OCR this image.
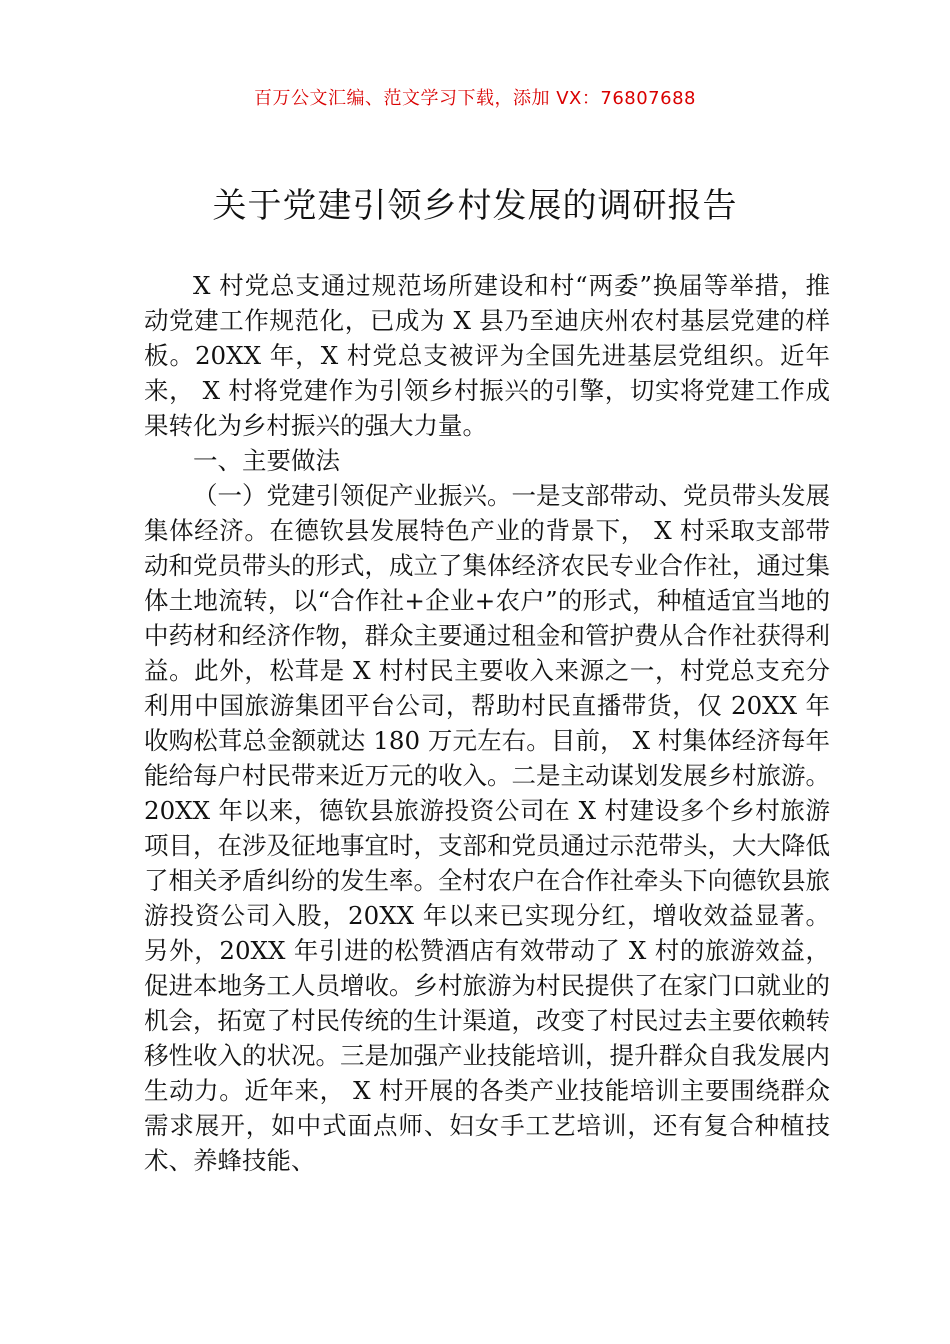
百万公文汇编、范文学习下载，添加 VX：76807688
关于党建引领乡村发展的调研报告

X 村党总支通过规范场所建设和村“两委”换届等举措，推动党建工作规范化，已成为 X 县乃至迪庆州农村基层党建的样板。20XX 年，X 村党总支被评为全国先进基层党组织。近年来， X 村将党建作为引领乡村振兴的引擎，切实将党建工作成果转化为乡村振兴的强大力量。

一、主要做法

（一）党建引领促产业振兴。一是支部带动、党员带头发展集体经济。在德钦县发展特色产业的背景下， X 村采取支部带动和党员带头的形式，成立了集体经济农民专业合作社，通过集体土地流转，以“合作社+企业+农户”的形式，种植适宜当地的中药材和经济作物，群众主要通过租金和管护费从合作社获得利益。此外，松茸是 X 村村民主要收入来源之一，村党总支充分利用中国旅游集团平台公司，帮助村民直播带货，仅 20XX 年收购松茸总金额就达 180 万元左右。目前， X 村集体经济每年能给每户村民带来近万元的收入。二是主动谋划发展乡村旅游。20XX 年以来，德钦县旅游投资公司在 X 村建设多个乡村旅游项目，在涉及征地事宜时，支部和党员通过示范带头，大大降低了相关矛盾纠纷的发生率。全村农户在合作社牵头下向德钦县旅游投资公司入股，20XX 年以来已实现分红，增收效益显著。另外，20XX 年引进的松赞酒店有效带动了 X 村的旅游效益，促进本地务工人员增收。乡村旅游为村民提供了在家门口就业的机会，拓宽了村民传统的生计渠道，改变了村民过去主要依赖转移性收入的状况。三是加强产业技能培训，提升群众自我发展内生动力。近年来， X 村开展的各类产业技能培训主要围绕群众需求展开，如中式面点师、妇女手工艺培训，还有复合种植技术、养蜂技能、
